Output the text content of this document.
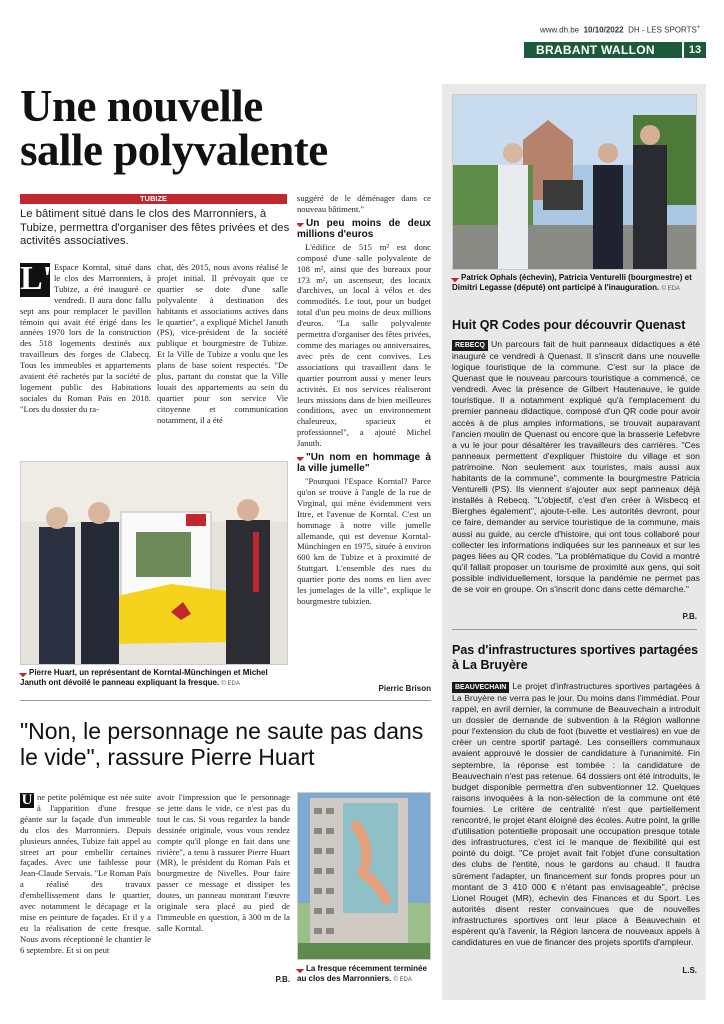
www.dh.be 10/10/2022 DH - LES SPORTS+
BRABANT WALLON	13
Une nouvelle
salle polyvalente
TUBIZE
Le bâtiment situé dans le clos des Marronniers, à Tubize, permettra d'organiser des fêtes privées et des activités associatives.
L' Espace Korntal, situé dans le clos des Marronniers, à Tubize, a été inauguré ce vendredi. Il aura donc fallu sept ans pour remplacer le pavillon témoin qui avait été érigé dans les années 1970 lors de la construction des 518 logements destinés aux travailleurs des forges de Clabecq. Tous les immeubles et appartements avaient été rachetés par la société de logement public des Habitations sociales du Roman Païs en 2018. "Lors du dossier du ra-
chat, dès 2015, nous avons réalisé le projet initial. Il prévoyait que ce quartier se dote d'une salle polyvalente à destination des habitants et associations actives dans le quartier", a expliqué Michel Januth (PS), vice-président de la société publique et bourgmestre de Tubize. Et la Ville de Tubize a voulu que les plans de base soient respectés. "De plus, partant du constat que la Ville louait des appartements au sein du quartier pour son service Vie citoyenne et communication notamment, il a été

suggéré de le déménager dans ce nouveau bâtiment."

Un peu moins de deux millions d'euros

L'édifice de 515 m² est donc composé d'une salle polyvalente de 108 m², ainsi que des bureaux pour 173 m², un ascenseur, des locaux d'archives, un local à vélos et des commodités. Le tout, pour un budget total d'un peu moins de deux millions d'euros. "La salle polyvalente permettra d'organiser des fêtes privées, comme des mariages ou anniversaires, avec près de cent convives. Les associations qui travaillent dans le quartier pourront aussi y mener leurs activités. Et nos services réaliseront leurs missions dans de bien meilleures conditions, avec un environnement chaleureux, spacieux et professionnel", a ajouté Michel Januth.

"Un nom en hommage à la ville jumelle"

"Pourquoi l'Espace Korntal? Parce qu'on se trouve à l'angle de la rue de Virginal, qui mène évidemment vers Ittre, et l'avenue de Korntal. C'est un hommage à notre ville jumelle allemande, qui est devenue Korntal-Münchingen en 1975, située à environ 600 km de Tubize et à proximité de Stuttgart. L'ensemble des rues du quartier porte des noms en lien avec les jumelages de la ville", explique le bourgmestre tubizien.

Pierric Brison
Pierre Huart, un représentant de Korntal-Münchingen et Michel Januth ont dévoilé le panneau expliquant la fresque. © EDA
"Non, le personnage ne saute pas dans le vide", rassure Pierre Huart
U ne petite polémique est née suite à l'apparition d'une fresque géante sur la façade d'un immeuble du clos des Marronniers. Depuis plusieurs années, Tubize fait appel au street art pour embellir certaines façades. Avec une faiblesse pour Jean-Claude Servais. "Le Roman Païs a réalisé des travaux d'embellissement dans le quartier, avec notamment le décapage et la mise en peinture de façades. Et il y a eu la réalisation de cette fresque. Nous avons réceptionné le chantier le 6 septembre. Et si on peut
avoir l'impression que le personnage se jette dans le vide, ce n'est pas du tout le cas. Si vous regardez la bande dessinée originale, vous vous rendez compte qu'il plonge en fait dans une rivière", a tenu à rassurer Pierre Huart (MR), le président du Roman Païs et bourgmestre de Nivelles. Pour faire passer ce message et dissiper les doutes, un panneau montrant l'œuvre originale sera placé au pied de l'immeuble en question, à 300 m de la salle Korntal.
P.B.
La fresque récemment terminée au clos des Marronniers. © EDA
Patrick Ophals (échevin), Patricia Venturelli (bourgmestre) et Dimitri Legasse (député) ont participé à l'inauguration. © EDA
Huit QR Codes pour découvrir Quenast
REBECQ Un parcours fait de huit panneaux didactiques a été inauguré ce vendredi à Quenast. Il s'inscrit dans une nouvelle logique touristique de la commune. C'est sur la place de Quenast que le nouveau parcours touristique a commencé, ce vendredi. Avec la présence de Gilbert Hautenauve, le guide touristique. Il a notamment expliqué qu'à l'emplacement du premier panneau didactique, composé d'un QR code pour avoir accès à de plus amples informations, se trouvait auparavant l'ancien moulin de Quenast ou encore que la brasserie Lefebvre a vu le jour pour désaltérer les travailleurs des carrières. "Ces panneaux permettent d'expliquer l'histoire du village et son patrimoine. Non seulement aux touristes, mais aussi aux habitants de la commune", commente la bourgmestre Patricia Venturelli (PS). Ils viennent s'ajouter aux sept panneaux déjà installés à Rebecq. "L'objectif, c'est d'en créer à Wisbecq et Bierghes également", ajoute-t-elle. Les autorités devront, pour ce faire, demander au service touristique de la commune, mais aussi au guide, au cercle d'histoire, qui ont tous collaboré pour collecter les informations indiquées sur les panneaux et sur les pages liées au QR codes. "La problématique du Covid a montré qu'il fallait proposer un tourisme de proximité aux gens, qui soit possible individuellement, lorsque la pandémie ne permet pas de se voir en groupe. On s'inscrit donc dans cette démarche."
P.B.
Pas d'infrastructures sportives partagées à La Bruyère
BEAUVECHAIN Le projet d'infrastructures sportives partagées à La Bruyère ne verra pas le jour. Du moins dans l'immédiat. Pour rappel, en avril dernier, la commune de Beauvechain a introduit un dossier de demande de subvention à la Région wallonne pour l'extension du club de foot (buvette et vestiaires) en vue de créer un centre sportif partagé. Les conseillers communaux avaient approuvé le dossier de candidature à l'unanimité. Fin septembre, la réponse est tombée : la candidature de Beauvechain n'est pas retenue. 64 dossiers ont été introduits, le budget disponible permettra d'en subventionner 12. Quelques raisons invoquées à la non-sélection de la commune ont été fournies. Le critère de centralité n'est que partiellement rencontré, le projet étant éloigné des écoles. Autre point, la grille d'utilisation potentielle proposait une occupation presque totale des infrastructures, c'est ici le manque de flexibilité qui est pointé du doigt. "Ce projet avait fait l'objet d'une consultation des clubs de l'entité, nous le gardons au chaud. Il faudra sûrement l'adapter, un financement sur fonds propres pour un montant de 3 410 000 € n'étant pas envisageable", précise Lionel Rouget (MR), échevin des Finances et du Sport. Les autorités disent rester convaincues que de nouvelles infrastructures sportives ont leur place à Beauvechain et espèrent qu'à l'avenir, la Région lancera de nouveaux appels à candidatures en vue de financer des projets sportifs d'ampleur.
L.S.
